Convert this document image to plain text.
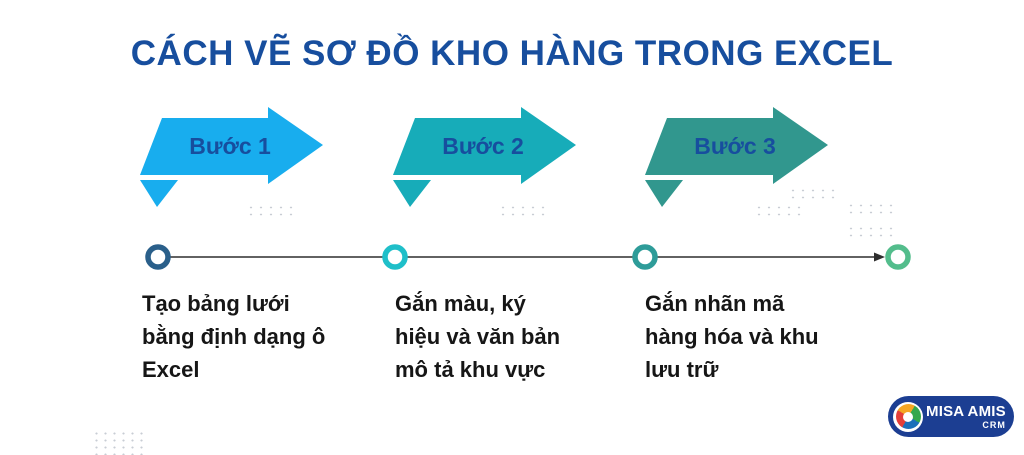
CÁCH VẼ SƠ ĐỒ KHO HÀNG TRONG EXCEL
Bước 1	Bước 2	Bước 3

Tạo bảng lưới bằng định dạng ô Excel

Gắn màu, ký hiệu và văn bản mô tả khu vực

Gắn nhãn mã hàng hóa và khu lưu trữ

MISA AMIS
CRM
